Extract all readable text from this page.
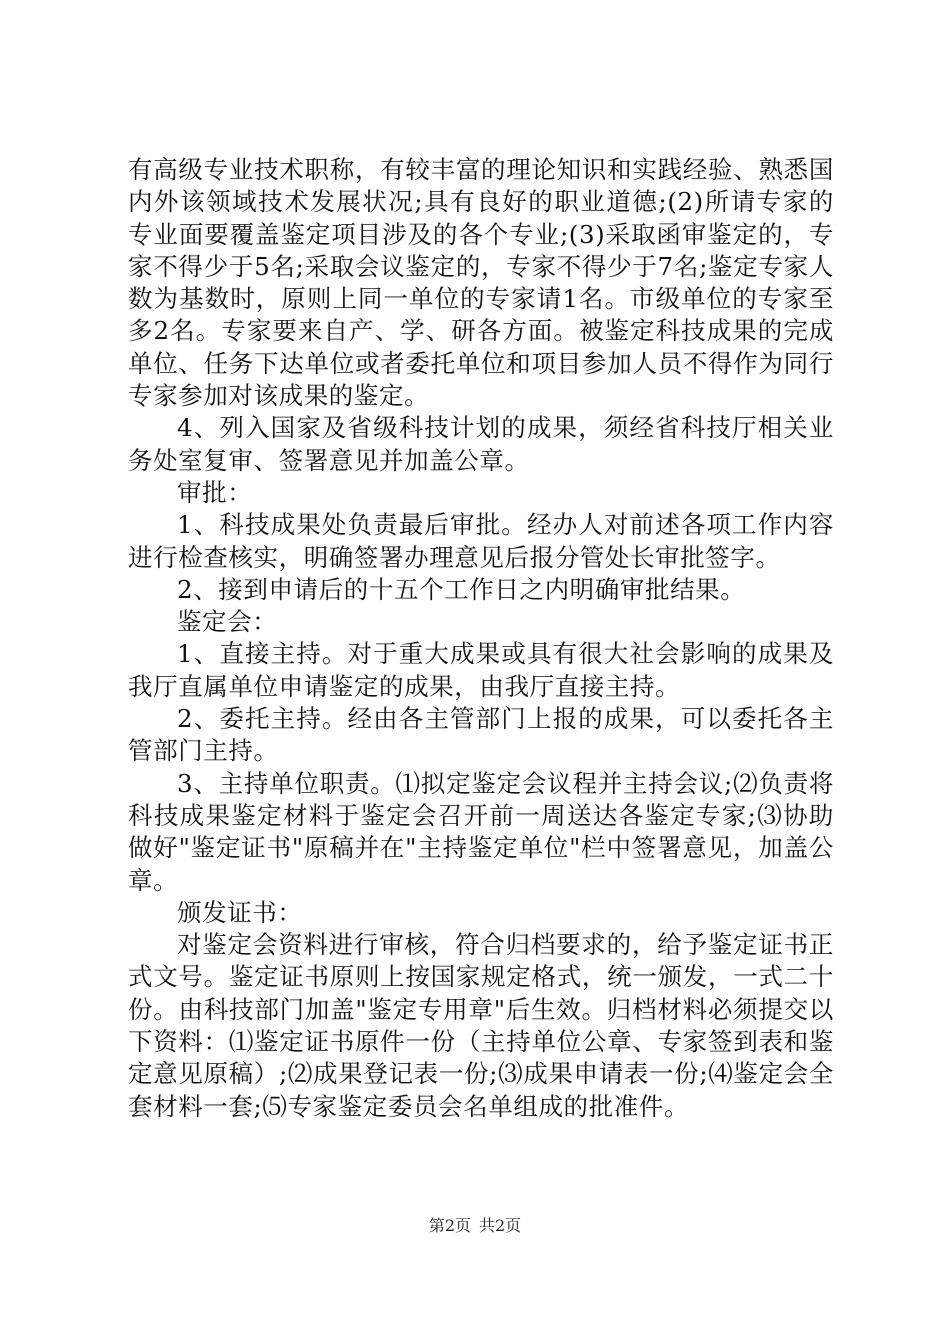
有高级专业技术职称，有较丰富的理论知识和实践经验、熟悉国内外该领域技术发展状况;具有良好的职业道德;(2)所请专家的专业面要覆盖鉴定项目涉及的各个专业;(3)采取函审鉴定的，专家不得少于5名;采取会议鉴定的，专家不得少于7名;鉴定专家人数为基数时，原则上同一单位的专家请1名。市级单位的专家至多2名。专家要来自产、学、研各方面。被鉴定科技成果的完成单位、任务下达单位或者委托单位和项目参加人员不得作为同行专家参加对该成果的鉴定。

4、列入国家及省级科技计划的成果，须经省科技厅相关业务处室复审、签署意见并加盖公章。

审批：

1、科技成果处负责最后审批。经办人对前述各项工作内容进行检查核实，明确签署办理意见后报分管处长审批签字。

2、接到申请后的十五个工作日之内明确审批结果。

鉴定会：

1、直接主持。对于重大成果或具有很大社会影响的成果及我厅直属单位申请鉴定的成果，由我厅直接主持。

2、委托主持。经由各主管部门上报的成果，可以委托各主管部门主持。

3、主持单位职责。⑴拟定鉴定会议程并主持会议;⑵负责将科技成果鉴定材料于鉴定会召开前一周送达各鉴定专家;⑶协助做好"鉴定证书"原稿并在"主持鉴定单位"栏中签署意见，加盖公章。

颁发证书：

对鉴定会资料进行审核，符合归档要求的，给予鉴定证书正式文号。鉴定证书原则上按国家规定格式，统一颁发，一式二十份。由科技部门加盖"鉴定专用章"后生效。归档材料必须提交以下资料：⑴鉴定证书原件一份（主持单位公章、专家签到表和鉴定意见原稿）;⑵成果登记表一份;⑶成果申请表一份;⑷鉴定会全套材料一套;⑸专家鉴定委员会名单组成的批准件。

第2页 共2页
